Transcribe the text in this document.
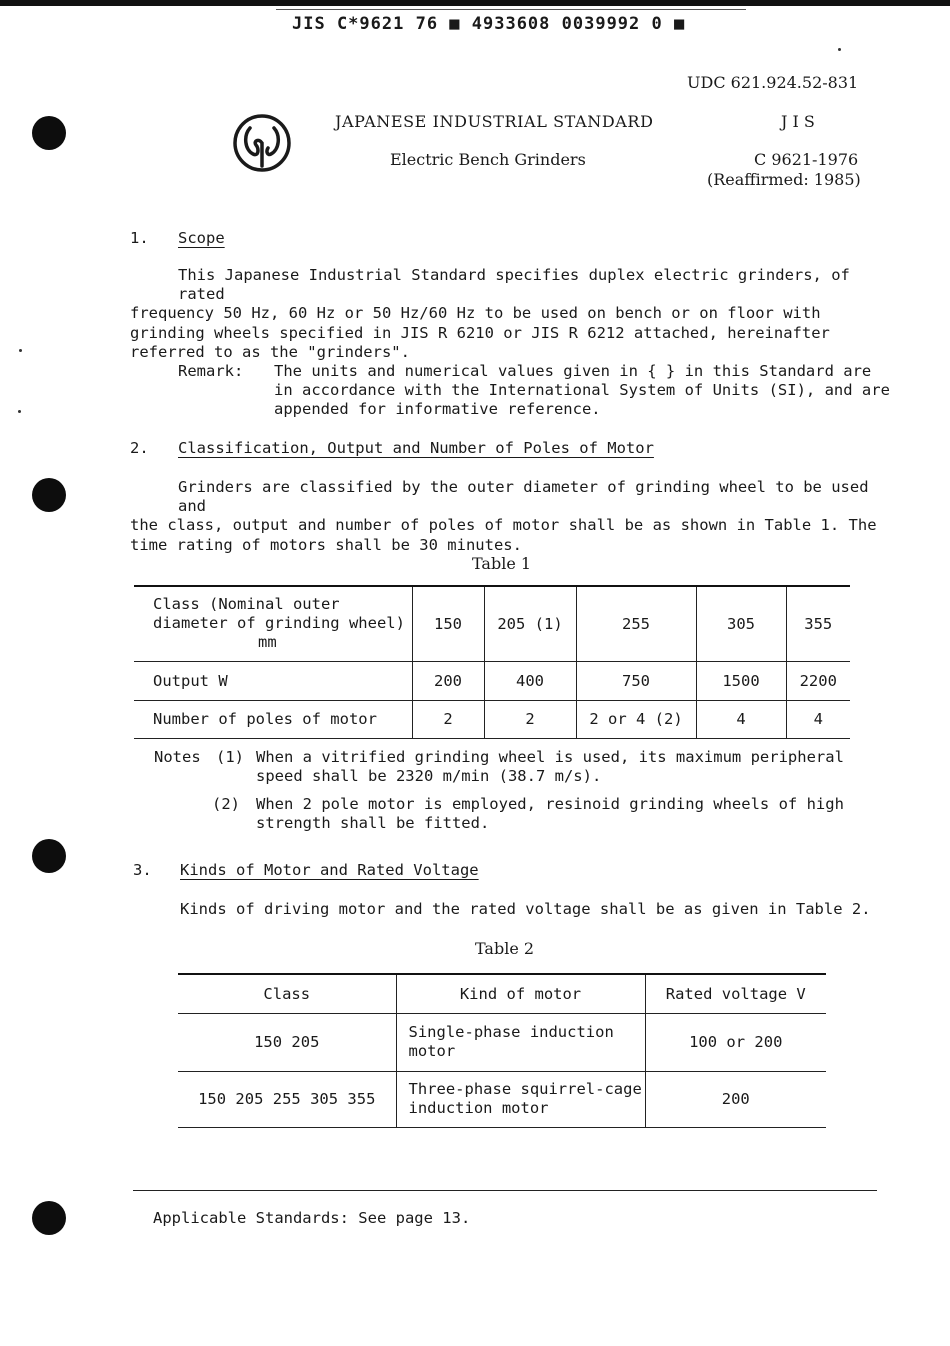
JIS C*9621 76 ■ 4933608 0039992 0 ■
UDC 621.924.52-831
JAPANESE INDUSTRIAL STANDARD
Electric Bench Grinders
J I S
C 9621-1976
(Reaffirmed: 1985)
1. Scope
This Japanese Industrial Standard specifies duplex electric grinders, of rated
frequency 50 Hz, 60 Hz or 50 Hz/60 Hz to be used on bench or on floor with
grinding wheels specified in JIS R 6210 or JIS R 6212 attached, hereinafter
referred to as the "grinders".
Remark: The units and numerical values given in { } in this Standard are
in accordance with the International System of Units (SI), and are
appended for informative reference.
2. Classification, Output and Number of Poles of Motor
Grinders are classified by the outer diameter of grinding wheel to be used and
the class, output and number of poles of motor shall be as shown in Table 1. The
time rating of motors shall be 30 minutes.
Table 1
Class (Nominal outer
diameter of grinding wheel)
mm	150	205 (1)	255	305	355
Output W	200	400	750	1500	2200
Number of poles of motor	2	2	2 or 4 (2)	4	4
Notes (1) When a vitrified grinding wheel is used, its maximum peripheral
speed shall be 2320 m/min (38.7 m/s).
(2) When 2 pole motor is employed, resinoid grinding wheels of high
strength shall be fitted.
3. Kinds of Motor and Rated Voltage
Kinds of driving motor and the rated voltage shall be as given in Table 2.
Table 2
Class	Kind of motor	Rated voltage V
150 205	Single-phase induction
motor	100 or 200
150 205 255 305 355	Three-phase squirrel-cage
induction motor	200
Applicable Standards: See page 13.
